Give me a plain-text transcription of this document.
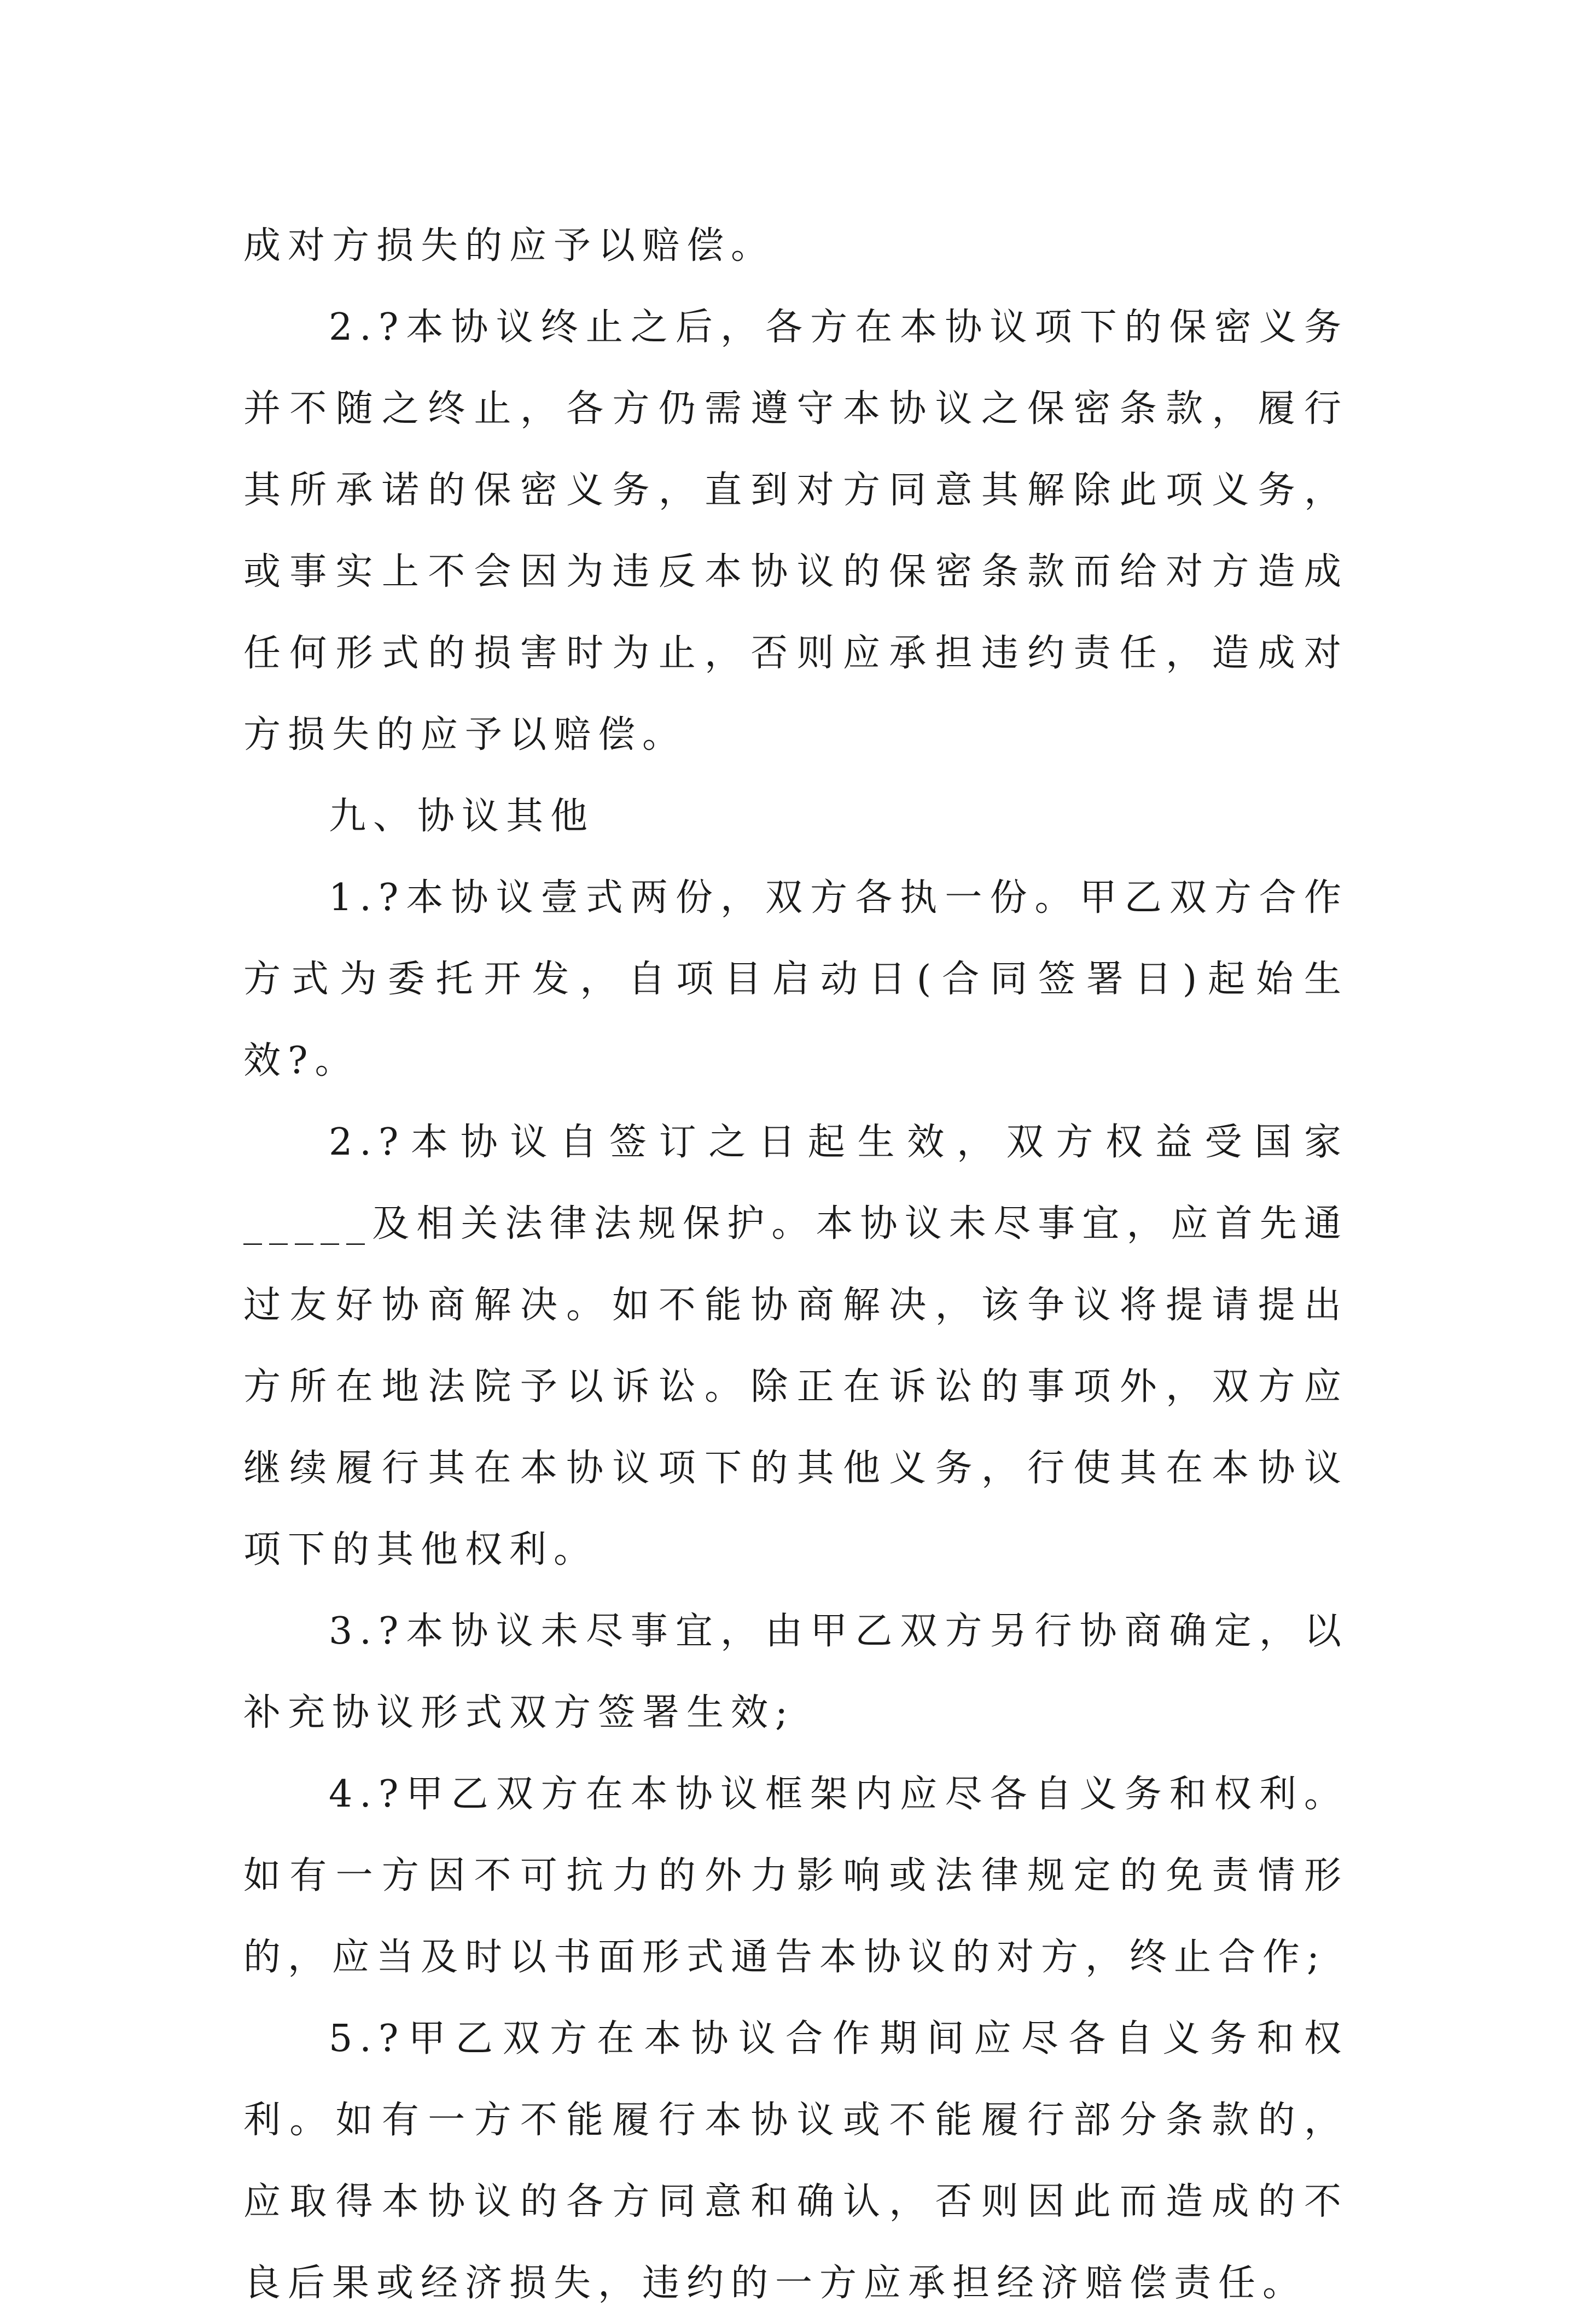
成对方损失的应予以赔偿。

2.?本协议终止之后，各方在本协议项下的保密义务并不随之终止，各方仍需遵守本协议之保密条款，履行其所承诺的保密义务，直到对方同意其解除此项义务，或事实上不会因为违反本协议的保密条款而给对方造成任何形式的损害时为止，否则应承担违约责任，造成对方损失的应予以赔偿。

九、协议其他

1.?本协议壹式两份，双方各执一份。甲乙双方合作方式为委托开发，自项目启动日(合同签署日)起始生效?。

2.?本协议自签订之日起生效，双方权益受国家_____及相关法律法规保护。本协议未尽事宜，应首先通过友好协商解决。如不能协商解决，该争议将提请提出方所在地法院予以诉讼。除正在诉讼的事项外，双方应继续履行其在本协议项下的其他义务，行使其在本协议项下的其他权利。

3.?本协议未尽事宜，由甲乙双方另行协商确定，以补充协议形式双方签署生效;

4.?甲乙双方在本协议框架内应尽各自义务和权利。如有一方因不可抗力的外力影响或法律规定的免责情形的，应当及时以书面形式通告本协议的对方，终止合作;

5.?甲乙双方在本协议合作期间应尽各自义务和权利。如有一方不能履行本协议或不能履行部分条款的，应取得本协议的各方同意和确认，否则因此而造成的不良后果或经济损失，违约的一方应承担经济赔偿责任。
